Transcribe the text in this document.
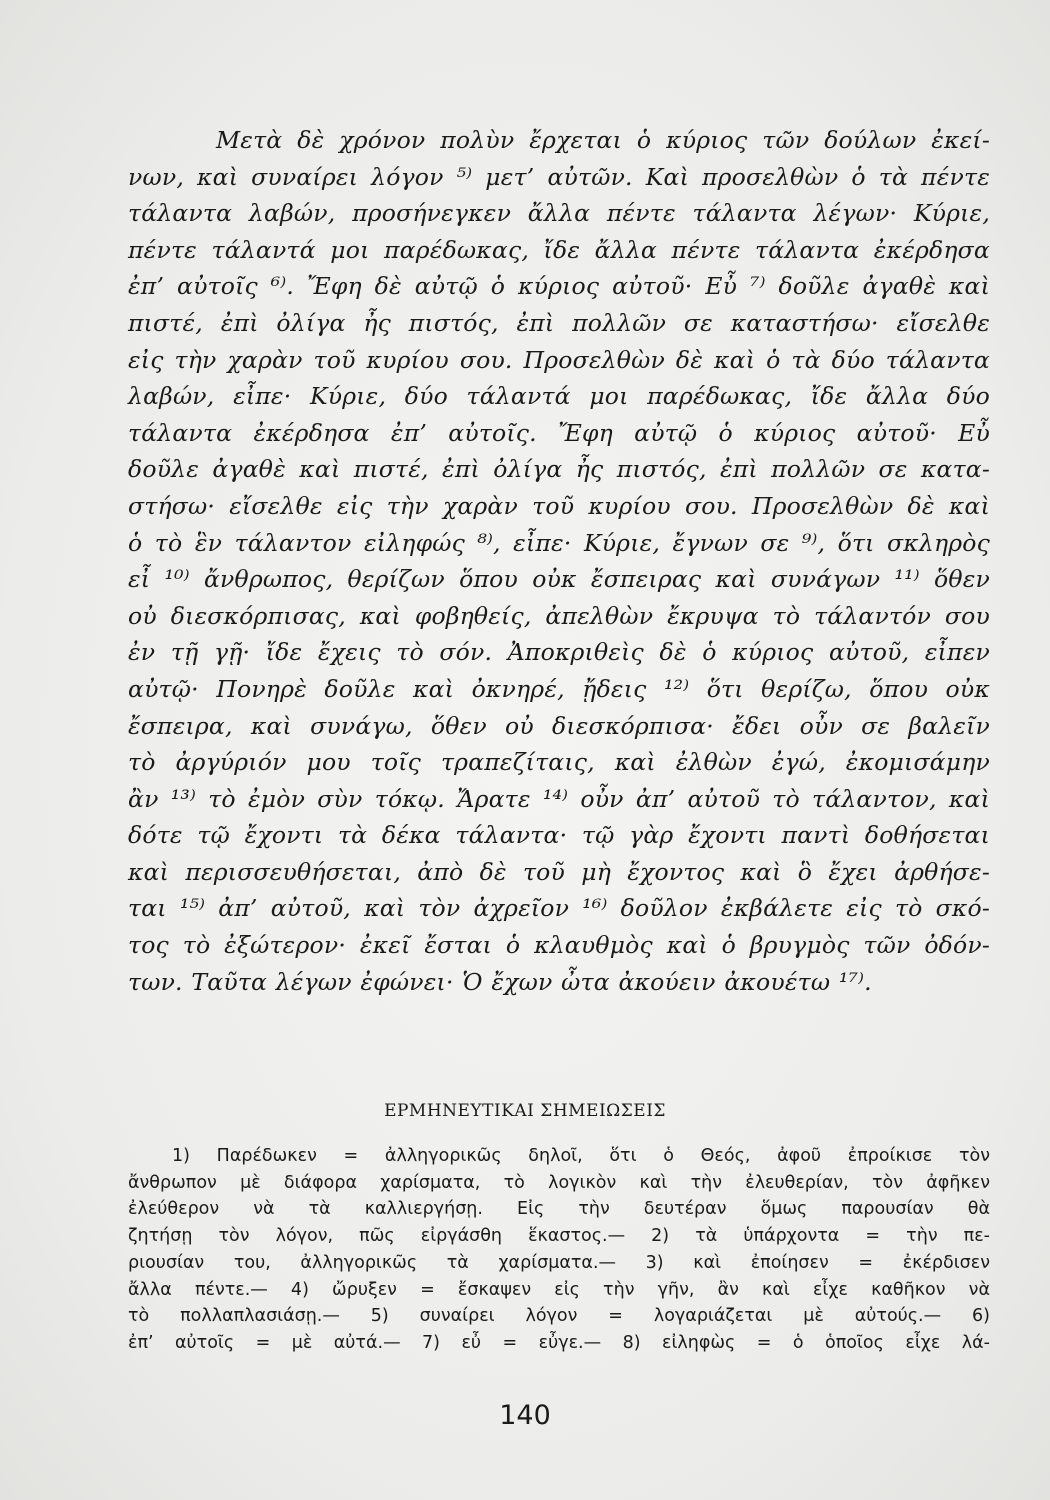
Μετὰ δὲ χρόνον πολὺν ἔρχεται ὁ κύριος τῶν δούλων ἐκεί-
νων, καὶ συναίρει λόγον ⁵⁾ μετ’ αὐτῶν. Καὶ προσελθὼν ὁ τὰ πέντε
τάλαντα λαβών, προσήνεγκεν ἄλλα πέντε τάλαντα λέγων· Κύριε,
πέντε τάλαντά μοι παρέδωκας, ἴδε ἄλλα πέντε τάλαντα ἐκέρδησα
ἐπ’ αὐτοῖς ⁶⁾. Ἔφη δὲ αὐτῷ ὁ κύριος αὐτοῦ· Εὖ ⁷⁾ δοῦλε ἀγαθὲ καὶ
πιστέ, ἐπὶ ὀλίγα ἦς πιστός, ἐπὶ πολλῶν σε καταστήσω· εἴσελθε
εἰς τὴν χαρὰν τοῦ κυρίου σου. Προσελθὼν δὲ καὶ ὁ τὰ δύο τάλαντα
λαβών, εἶπε· Κύριε, δύο τάλαντά μοι παρέδωκας, ἴδε ἄλλα δύο
τάλαντα ἐκέρδησα ἐπ’ αὐτοῖς. Ἔφη αὐτῷ ὁ κύριος αὐτοῦ· Εὖ
δοῦλε ἀγαθὲ καὶ πιστέ, ἐπὶ ὀλίγα ἦς πιστός, ἐπὶ πολλῶν σε κατα-
στήσω· εἴσελθε εἰς τὴν χαρὰν τοῦ κυρίου σου. Προσελθὼν δὲ καὶ
ὁ τὸ ἓν τάλαντον εἰληφώς ⁸⁾, εἶπε· Κύριε, ἔγνων σε ⁹⁾, ὅτι σκληρὸς
εἶ ¹⁰⁾ ἄνθρωπος, θερίζων ὅπου οὐκ ἔσπειρας καὶ συνάγων ¹¹⁾ ὅθεν
οὐ διεσκόρπισας, καὶ φοβηθείς, ἀπελθὼν ἔκρυψα τὸ τάλαντόν σου
ἐν τῇ γῇ· ἴδε ἔχεις τὸ σόν. Ἀποκριθεὶς δὲ ὁ κύριος αὐτοῦ, εἶπεν
αὐτῷ· Πονηρὲ δοῦλε καὶ ὀκνηρέ, ᾔδεις ¹²⁾ ὅτι θερίζω, ὅπου οὐκ
ἔσπειρα, καὶ συνάγω, ὅθεν οὐ διεσκόρπισα· ἔδει οὖν σε βαλεῖν
τὸ ἀργύριόν μου τοῖς τραπεζίταις, καὶ ἐλθὼν ἐγώ, ἐκομισάμην
ἂν ¹³⁾ τὸ ἐμὸν σὺν τόκῳ. Ἄρατε ¹⁴⁾ οὖν ἀπ’ αὐτοῦ τὸ τάλαντον, καὶ
δότε τῷ ἔχοντι τὰ δέκα τάλαντα· τῷ γὰρ ἔχοντι παντὶ δοθήσεται
καὶ περισσευθήσεται, ἀπὸ δὲ τοῦ μὴ ἔχοντος καὶ ὃ ἔχει ἀρθήσε-
ται ¹⁵⁾ ἀπ’ αὐτοῦ, καὶ τὸν ἀχρεῖον ¹⁶⁾ δοῦλον ἐκβάλετε εἰς τὸ σκό-
τος τὸ ἐξώτερον· ἐκεῖ ἔσται ὁ κλαυθμὸς καὶ ὁ βρυγμὸς τῶν ὀδόν-
των. Ταῦτα λέγων ἐφώνει· Ὁ ἔχων ὦτα ἀκούειν ἀκουέτω ¹⁷⁾.
ΕΡΜΗΝΕΥΤΙΚΑΙ ΣΗΜΕΙΩΣΕΙΣ
1) Παρέδωκεν = ἀλληγορικῶς δηλοῖ, ὅτι ὁ Θεός, ἀφοῦ ἐπροίκισε τὸν
ἄνθρωπον μὲ διάφορα χαρίσματα, τὸ λογικὸν καὶ τὴν ἐλευθερίαν, τὸν ἀφῆκεν
ἐλεύθερον νὰ τὰ καλλιεργήσῃ. Εἰς τὴν δευτέραν ὅμως παρουσίαν θὰ
ζητήσῃ τὸν λόγον, πῶς εἰργάσθη ἕκαστος.— 2) τὰ ὑπάρχοντα = τὴν πε-
ριουσίαν του, ἀλληγορικῶς τὰ χαρίσματα.— 3) καὶ ἐποίησεν = ἐκέρδισεν
ἄλλα πέντε.— 4) ὤρυξεν = ἔσκαψεν εἰς τὴν γῆν, ἂν καὶ εἶχε καθῆκον νὰ
τὸ πολλαπλασιάσῃ.— 5) συναίρει λόγον = λογαριάζεται μὲ αὐτούς.— 6)
ἐπ’ αὐτοῖς = μὲ αὐτά.— 7) εὖ = εὖγε.— 8) εἰληφὼς = ὁ ὁποῖος εἶχε λά-
140
